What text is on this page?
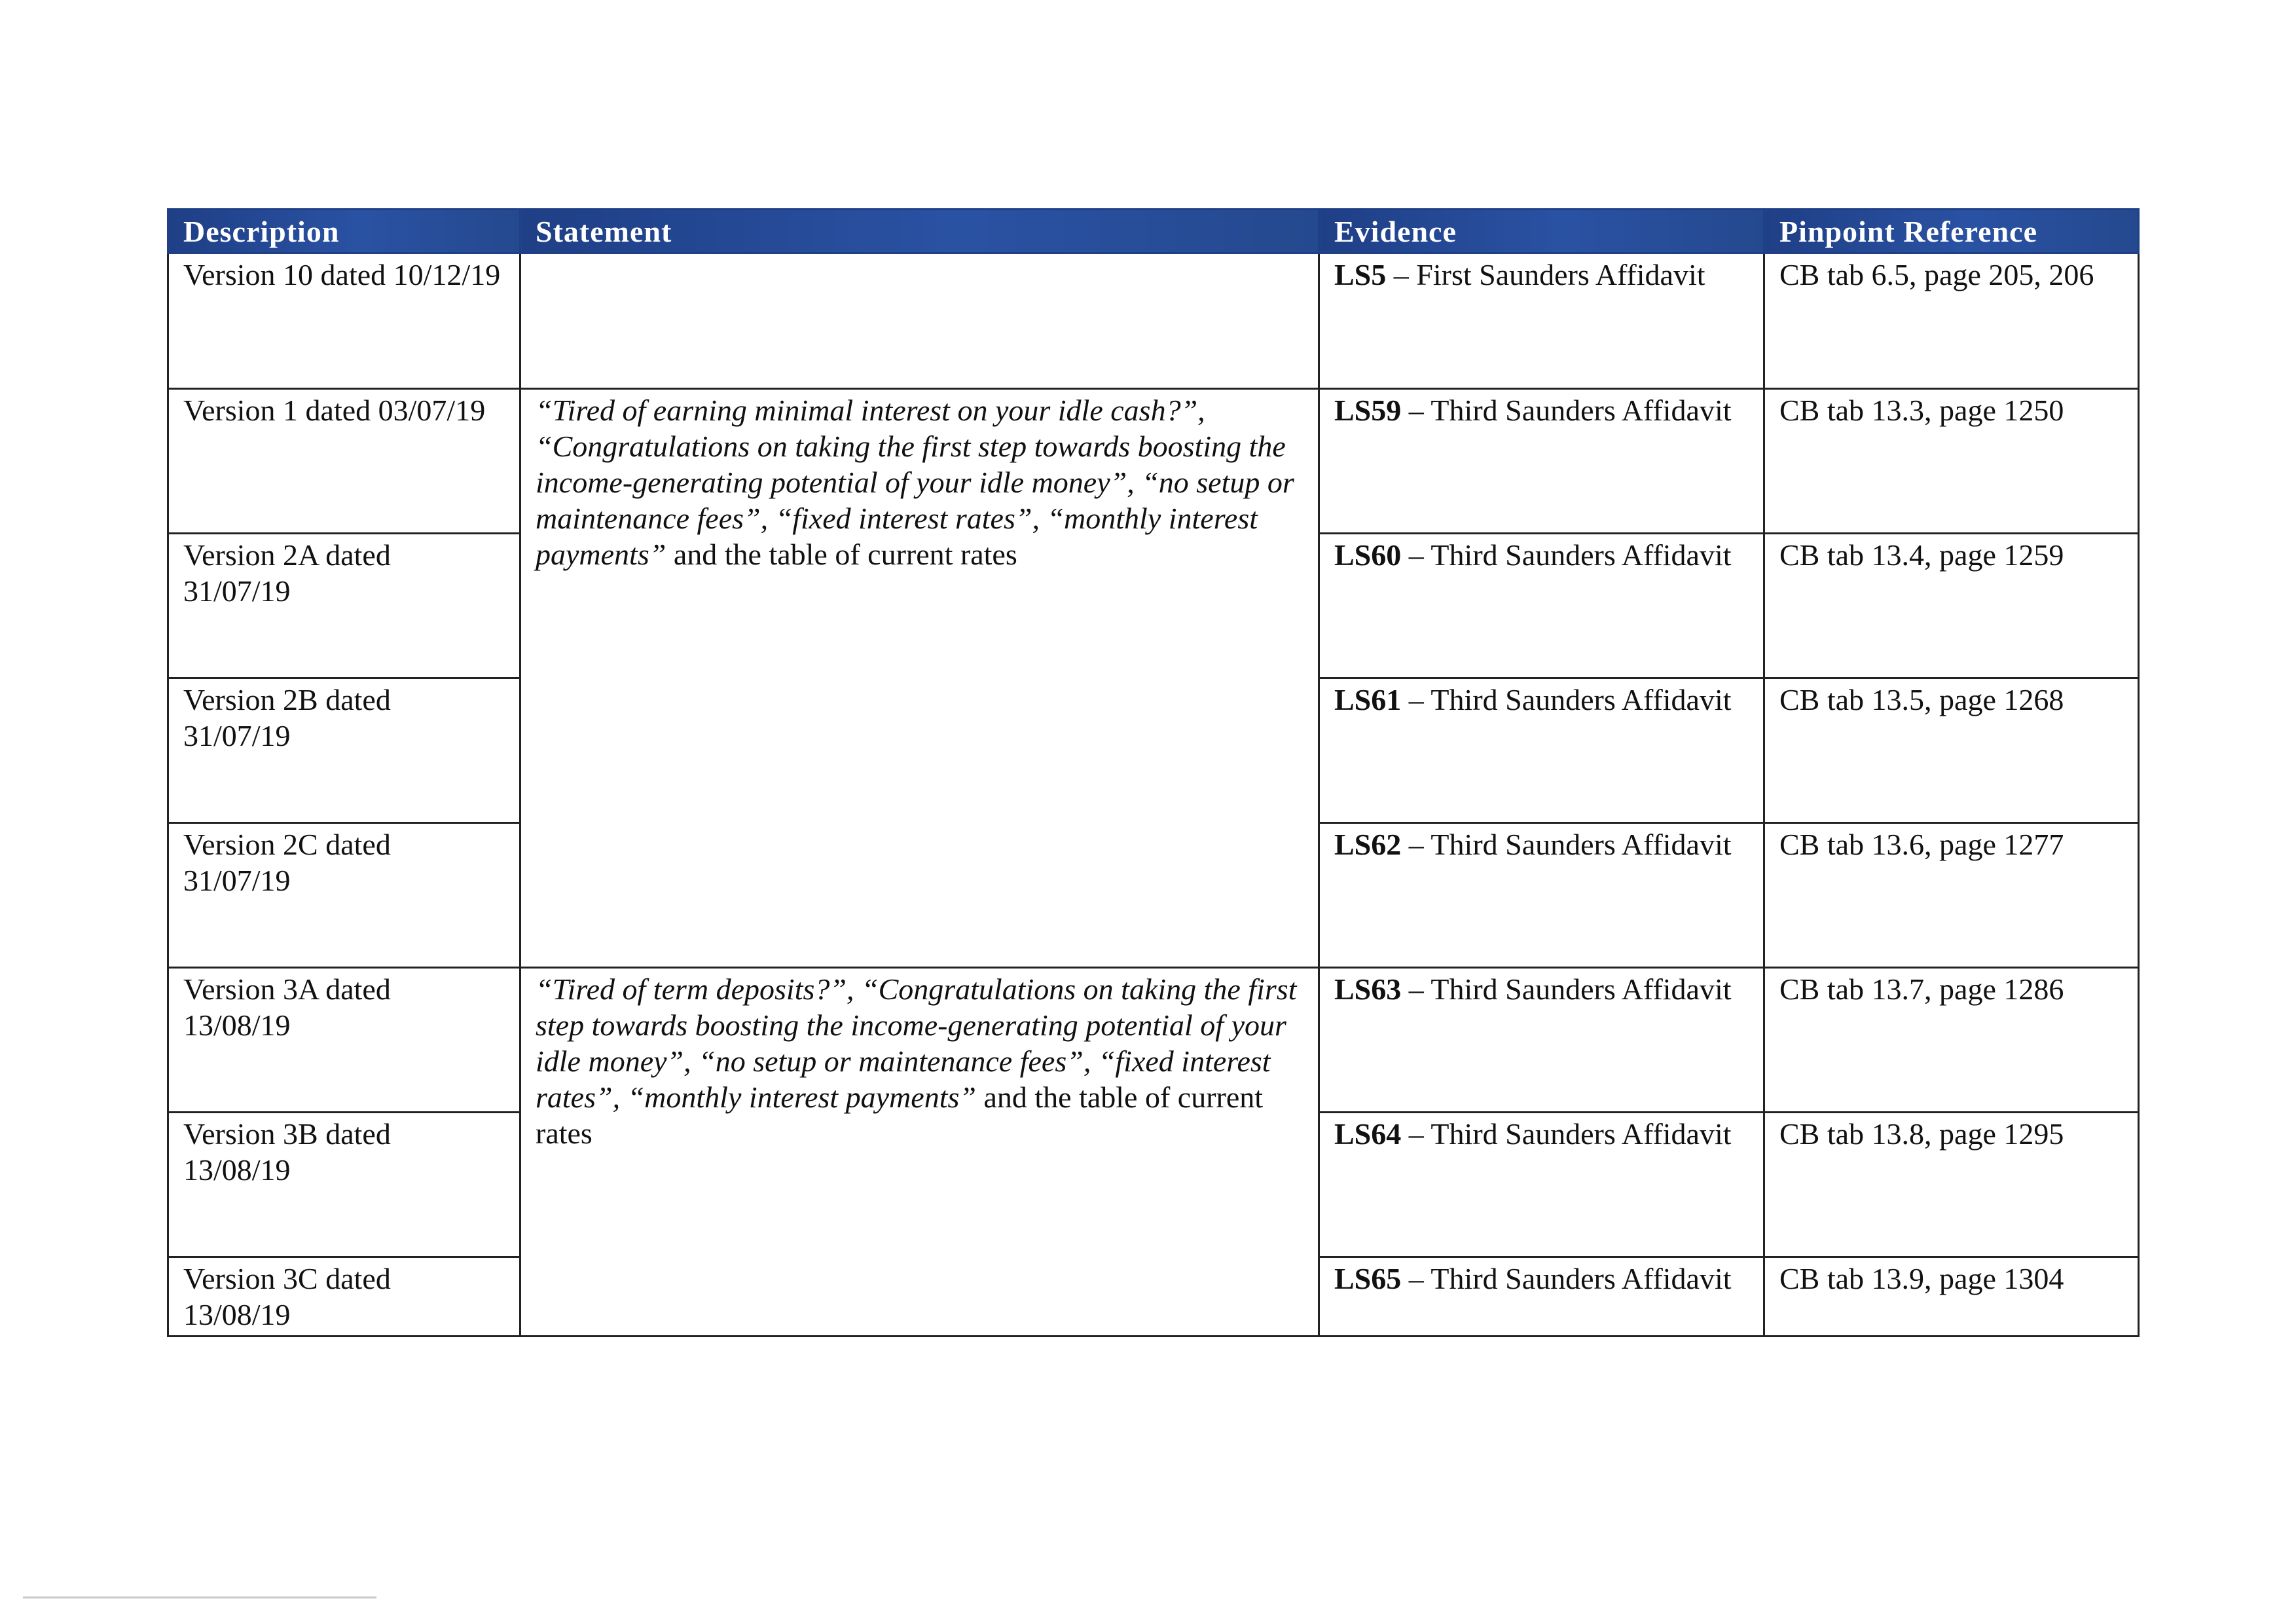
Description	Statement	Evidence	Pinpoint Reference
Version 10 dated 10/12/19		LS5 – First Saunders Affidavit	CB tab 6.5, page 205, 206
Version 1 dated 03/07/19	“Tired of earning minimal interest on your idle cash?”, “Congratulations on taking the first step towards boosting the income-generating potential of your idle money”, “no setup or maintenance fees”, “fixed interest rates”, “monthly interest payments” and the table of current rates	LS59 – Third Saunders Affidavit	CB tab 13.3, page 1250
Version 2A dated 31/07/19		LS60 – Third Saunders Affidavit	CB tab 13.4, page 1259
Version 2B dated 31/07/19		LS61 – Third Saunders Affidavit	CB tab 13.5, page 1268
Version 2C dated 31/07/19		LS62 – Third Saunders Affidavit	CB tab 13.6, page 1277
Version 3A dated 13/08/19	“Tired of term deposits?”, “Congratulations on taking the first step towards boosting the income-generating potential of your idle money”, “no setup or maintenance fees”, “fixed interest rates”, “monthly interest payments” and the table of current rates	LS63 – Third Saunders Affidavit	CB tab 13.7, page 1286
Version 3B dated 13/08/19		LS64 – Third Saunders Affidavit	CB tab 13.8, page 1295
Version 3C dated 13/08/19		LS65 – Third Saunders Affidavit	CB tab 13.9, page 1304
